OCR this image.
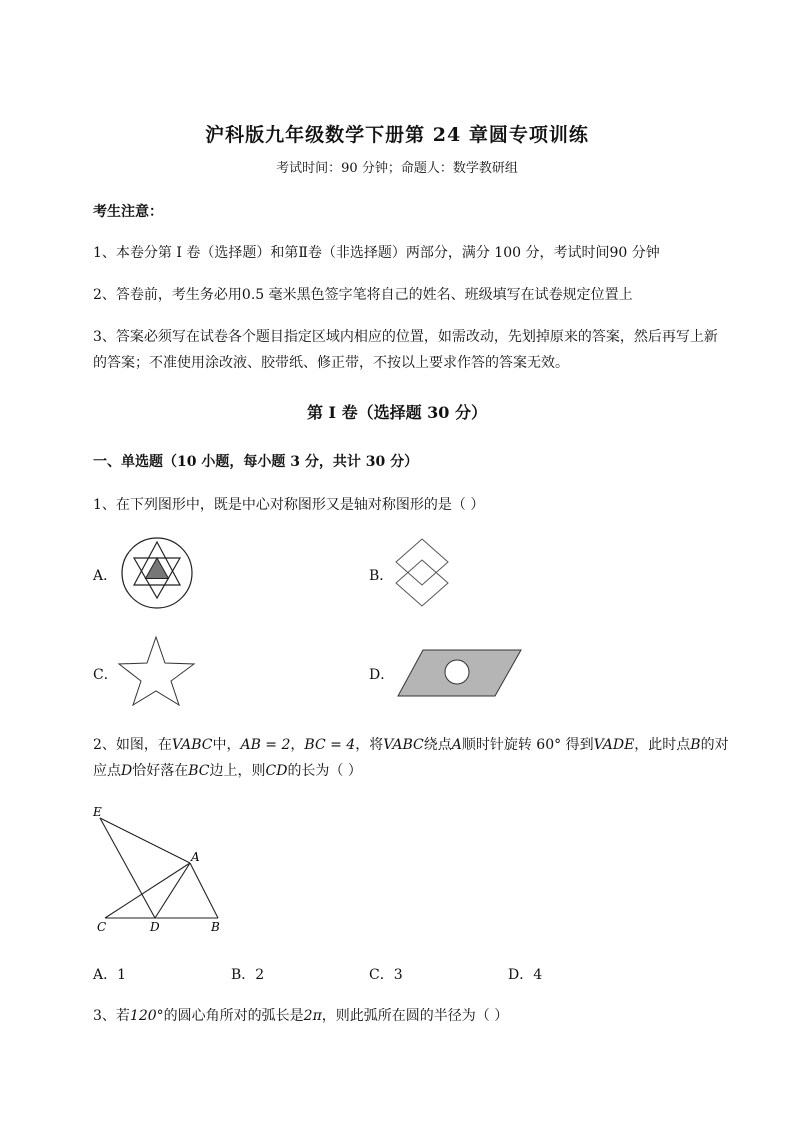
沪科版九年级数学下册第 24 章圆专项训练
考试时间：90 分钟；命题人：数学教研组
考生注意：
1、本卷分第 I 卷（选择题）和第Ⅱ卷（非选择题）两部分，满分 100 分，考试时间90 分钟
2、答卷前，考生务必用0.5 毫米黑色签字笔将自己的姓名、班级填写在试卷规定位置上
3、答案必须写在试卷各个题目指定区域内相应的位置，如需改动，先划掉原来的答案，然后再写上新
的答案；不准使用涂改液、胶带纸、修正带，不按以上要求作答的答案无效。
第 I 卷（选择题 30 分）
一、单选题（10 小题，每小题 3 分，共计 30 分）
1、在下列图形中，既是中心对称图形又是轴对称图形的是（ ）
A．	B．
C．	D．
2、如图，在VABC中，AB = 2，BC = 4，将VABC绕点A顺时针旋转 60° 得到VADE，此时点B的对
应点D恰好落在BC边上，则CD的长为（ ）
E
A
C	D	B
A．1	B．2	C．3	D．4
3、若120°的圆心角所对的弧长是2π，则此弧所在圆的半径为（ ）
